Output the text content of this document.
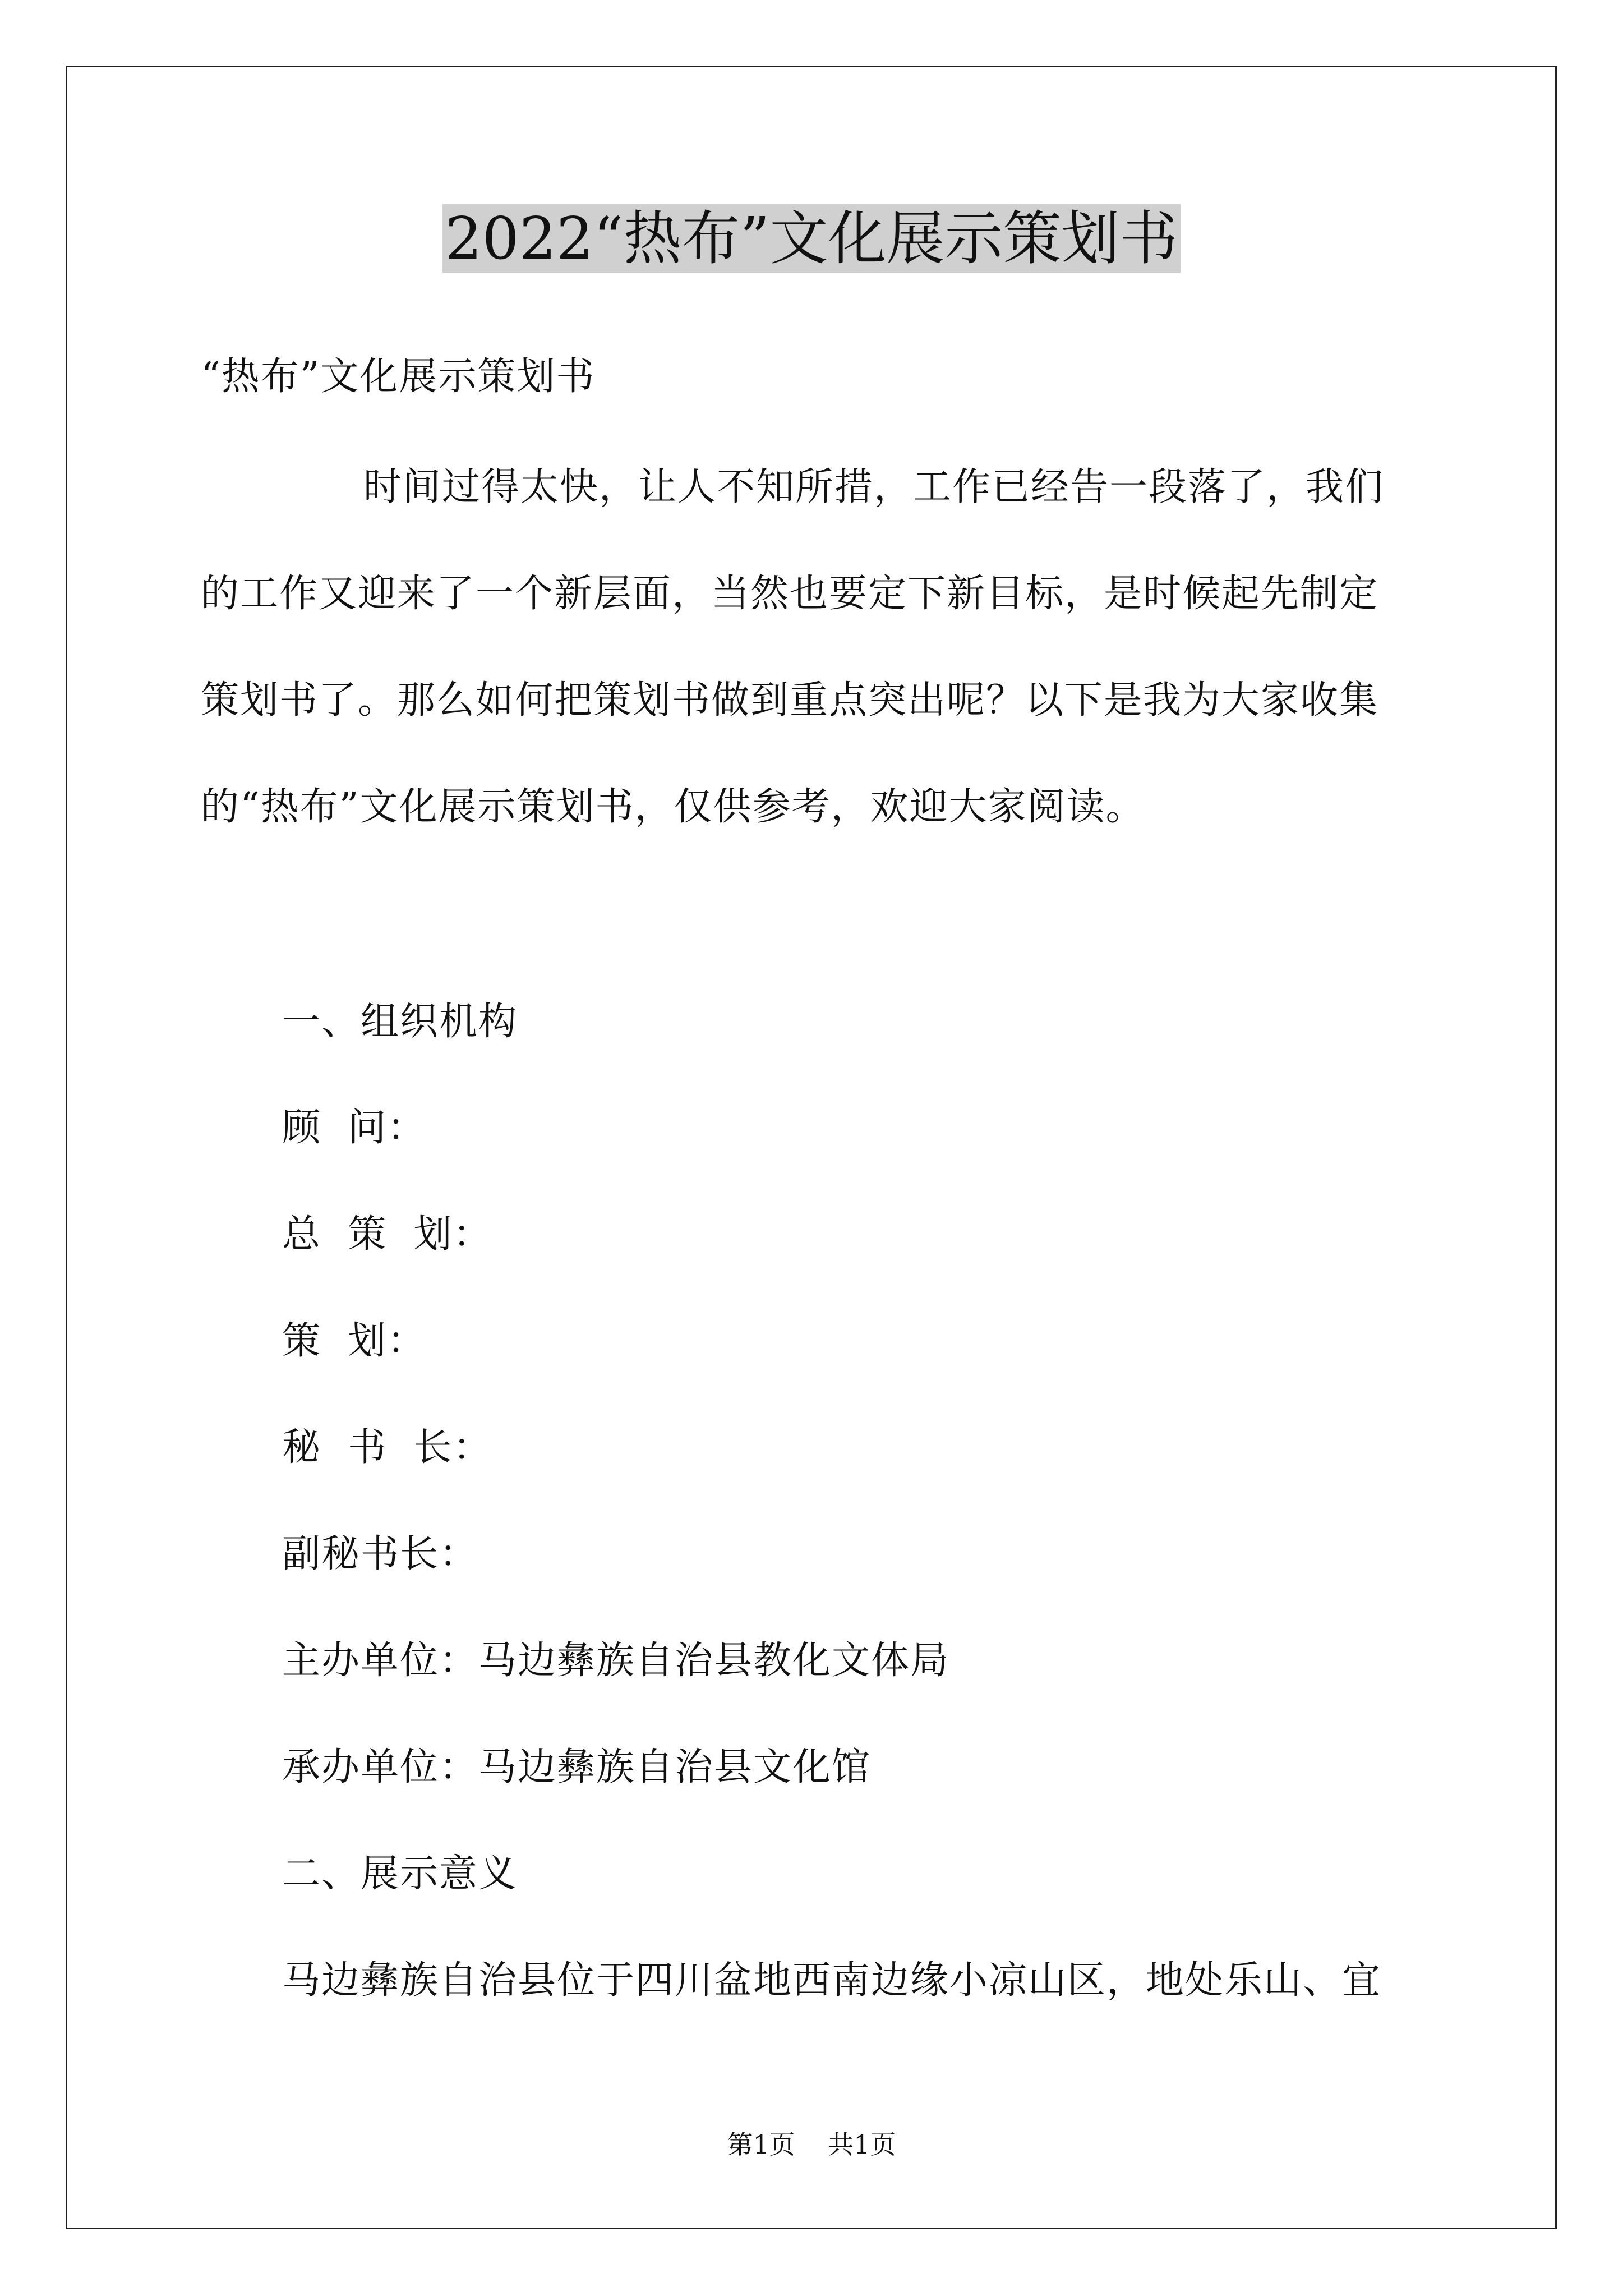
2022“热布”文化展示策划书
“热布”文化展示策划书
时间过得太快，让人不知所措，工作已经告一段落了，我们
的工作又迎来了一个新层面，当然也要定下新目标，是时候起先制定
策划书了。那么如何把策划书做到重点突出呢？以下是我为大家收集
的“热布”文化展示策划书，仅供参考，欢迎大家阅读。
一、组织机构
顾  问：
总  策  划：
策  划：
秘  书  长：
副秘书长：
主办单位：马边彝族自治县教化文体局
承办单位：马边彝族自治县文化馆
二、展示意义
马边彝族自治县位于四川盆地西南边缘小凉山区，地处乐山、宜
第1页    共1页
